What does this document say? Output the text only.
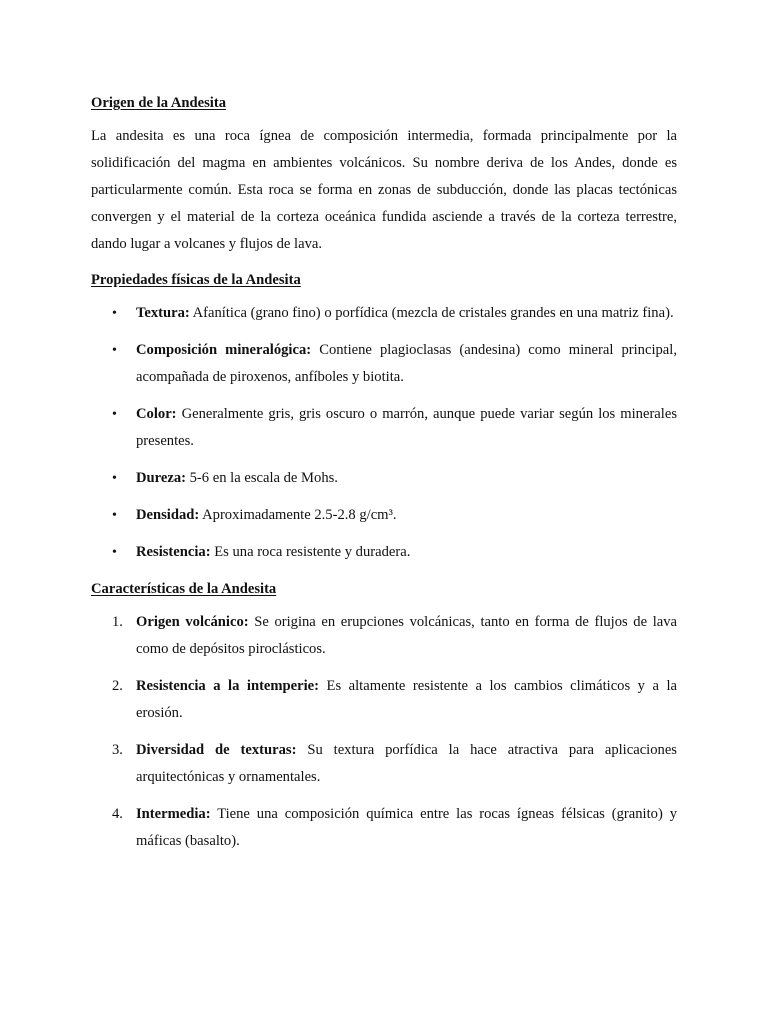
Origen de la Andesita

La andesita es una roca ígnea de composición intermedia, formada principalmente por la solidificación del magma en ambientes volcánicos. Su nombre deriva de los Andes, donde es particularmente común. Esta roca se forma en zonas de subducción, donde las placas tectónicas convergen y el material de la corteza oceánica fundida asciende a través de la corteza terrestre, dando lugar a volcanes y flujos de lava.

Propiedades físicas de la Andesita
•	Textura: Afanítica (grano fino) o porfídica (mezcla de cristales grandes en una matriz fina).
•	Composición mineralógica: Contiene plagioclasas (andesina) como mineral principal, acompañada de piroxenos, anfíboles y biotita.
•	Color: Generalmente gris, gris oscuro o marrón, aunque puede variar según los minerales presentes.
•	Dureza: 5-6 en la escala de Mohs.
•	Densidad: Aproximadamente 2.5-2.8 g/cm³.
•	Resistencia: Es una roca resistente y duradera.
Características de la Andesita
1. Origen volcánico: Se origina en erupciones volcánicas, tanto en forma de flujos de lava como de depósitos piroclásticos.
2. Resistencia a la intemperie: Es altamente resistente a los cambios climáticos y a la erosión.
3. Diversidad de texturas: Su textura porfídica la hace atractiva para aplicaciones arquitectónicas y ornamentales.
4. Intermedia: Tiene una composición química entre las rocas ígneas félsicas (granito) y máficas (basalto).
